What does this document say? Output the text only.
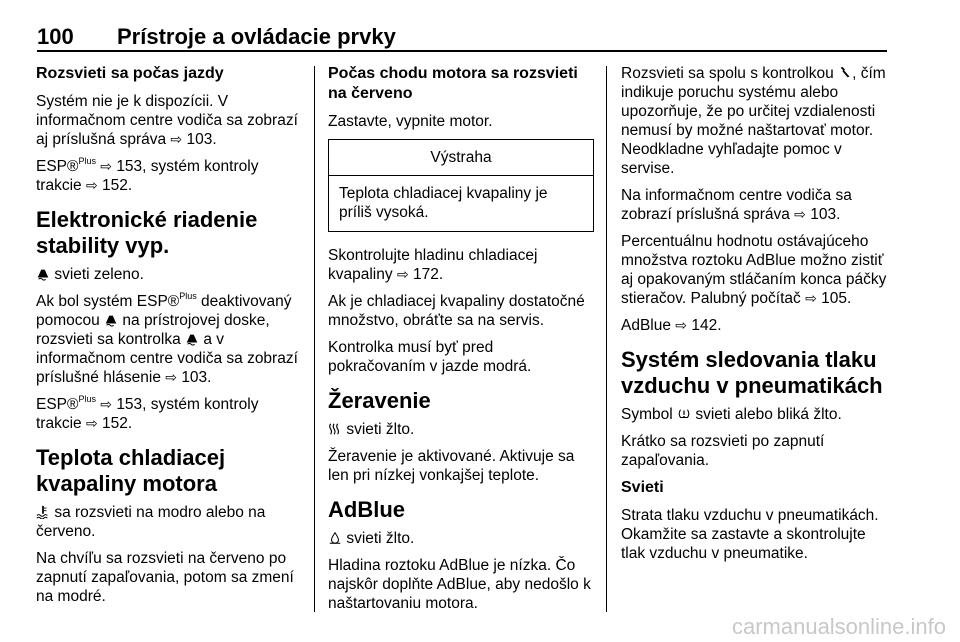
100 Prístroje a ovládacie prvky
Rozsvieti sa počas jazdy

Systém nie je k dispozícii. V informačnom centre vodiča sa zobrazí aj príslušná správa ⇨ 103.

ESP®$^{Plus}$ ⇨ 153, systém kontroly trakcie ⇨ 152.

Elektronické riadenie stability vyp.

svieti zeleno.

Ak bol systém ESP®$^{Plus}$ deaktivovaný pomocou na prístrojovej doske, rozsvieti sa kontrolka a v informačnom centre vodiča sa zobrazí príslušné hlásenie ⇨ 103.

ESP®$^{Plus}$ ⇨ 153, systém kontroly trakcie ⇨ 152.

Teplota chladiacej kvapaliny motora

sa rozsvieti na modro alebo na červeno.

Na chvíľu sa rozsvieti na červeno po zapnutí zapaľovania, potom sa zmení na modré.

Počas chodu motora sa rozsvieti na červeno

Zastavte, vypnite motor.

Výstraha
Teplota chladiacej kvapaliny je príliš vysoká.

Skontrolujte hladinu chladiacej kvapaliny ⇨ 172.

Ak je chladiacej kvapaliny dostatočné množstvo, obráťte sa na servis.

Kontrolka musí byť pred pokračovaním v jazde modrá.

Žeravenie

svieti žlto.

Žeravenie je aktivované. Aktivuje sa len pri nízkej vonkajšej teplote.

AdBlue

svieti žlto.

Hladina roztoku AdBlue je nízka. Čo najskôr doplňte AdBlue, aby nedošlo k naštartovaniu motora.

Rozsvieti sa spolu s kontrolkou , čím indikuje poruchu systému alebo upozorňuje, že po určitej vzdialenosti nemusí by možné naštartovať motor. Neodkladne vyhľadajte pomoc v servise.

Na informačnom centre vodiča sa zobrazí príslušná správa ⇨ 103.

Percentuálnu hodnotu ostávajúceho množstva roztoku AdBlue možno zistiť aj opakovaným stláčaním konca páčky stieračov. Palubný počítač ⇨ 105.

AdBlue ⇨ 142.

Systém sledovania tlaku vzduchu v pneumatikách

Symbol svieti alebo bliká žlto.

Krátko sa rozsvieti po zapnutí zapaľovania.

Svieti

Strata tlaku vzduchu v pneumatikách. Okamžite sa zastavte a skontrolujte tlak vzduchu v pneumatike.

carmanualsonline.info
